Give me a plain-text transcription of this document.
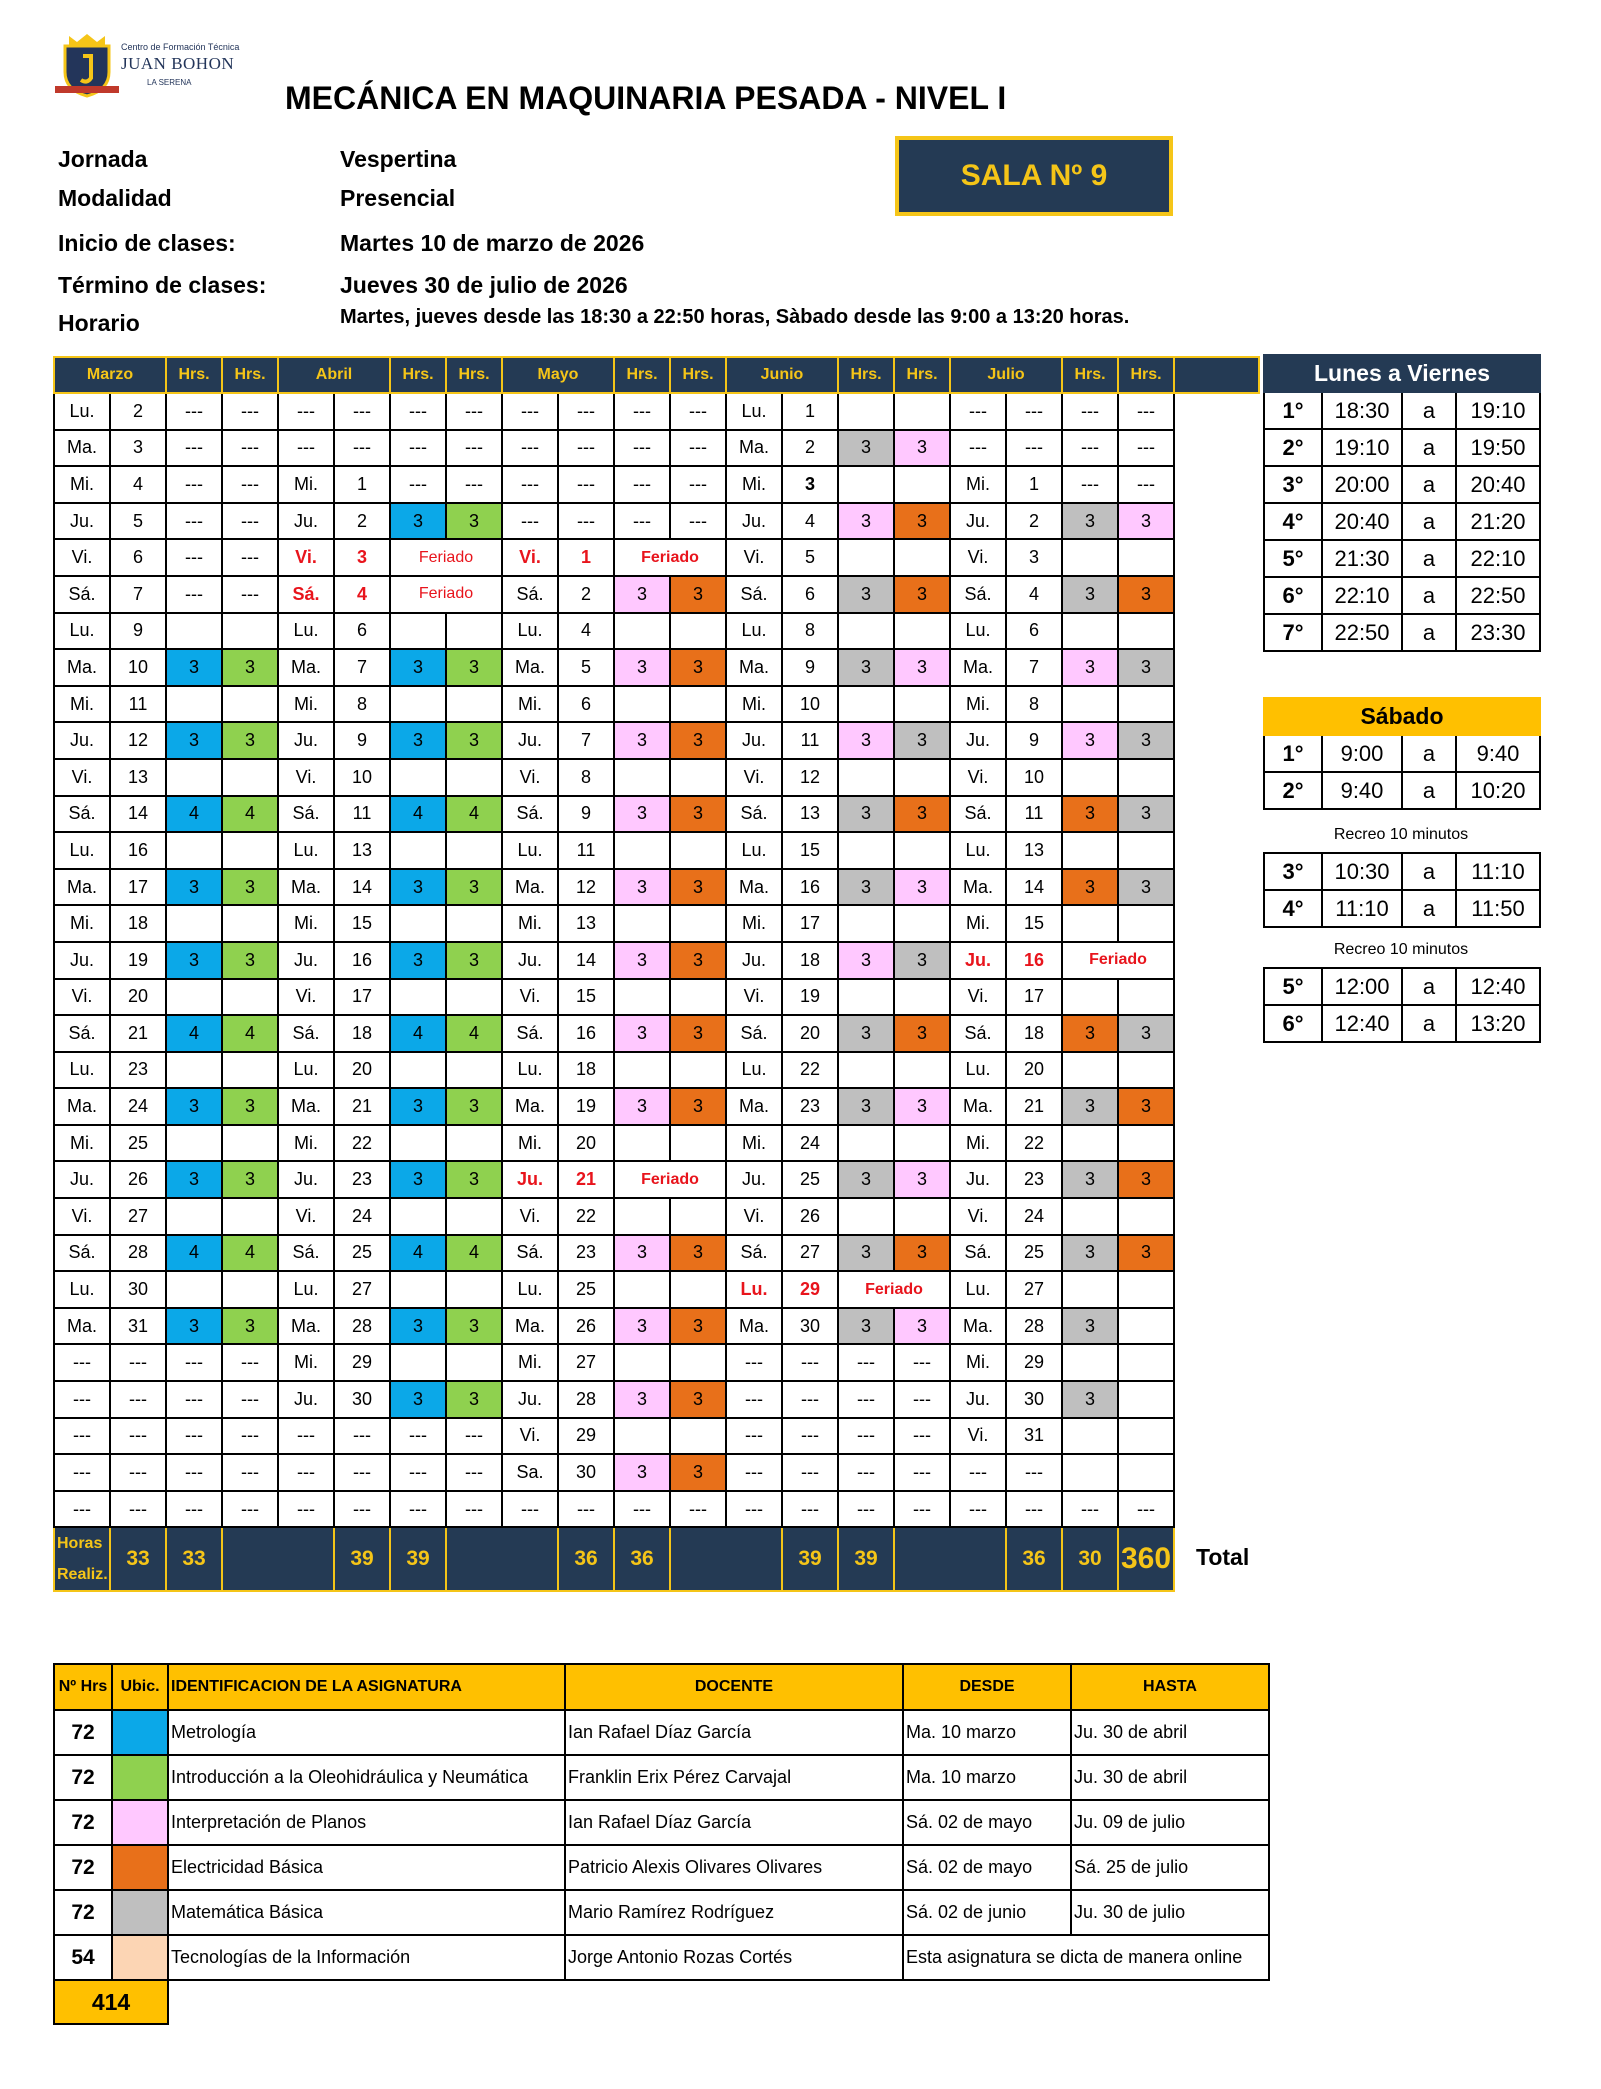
Centro de Formación Técnica
JUAN BOHON
LA SERENA	MECÁNICA EN MAQUINARIA PESADA - NIVEL I
Jornada	Vespertina
Modalidad	Presencial
Inicio de clases:	Martes 10 de marzo de 2026
Término de clases:	Jueves 30 de julio de 2026
Horario	Martes, jueves desde las 18:30 a 22:50 horas, Sàbado desde las 9:00 a 13:20 horas.
SALA Nº 9
Marzo		Hrs.	Hrs.	Abril		Hrs.	Hrs.	Mayo		Hrs.	Hrs.	Junio		Hrs.	Hrs.	Julio		Hrs.	Hrs.	
Lu.	2	---	---	---	---	---	---	---	---	---	---	Lu.	1			---	---	---	---	
Ma.	3	---	---	---	---	---	---	---	---	---	---	Ma.	2	3	3	---	---	---	---	
Mi.	4	---	---	Mi.	1	---	---	---	---	---	---	Mi.	3			Mi.	1	---	---	
Ju.	5	---	---	Ju.	2	3	3	---	---	---	---	Ju.	4	3	3	Ju.	2	3	3	
Vi.	6	---	---	Vi.	3	Feriado		Vi.	1	Feriado		Vi.	5			Vi.	3			
Sá.	7	---	---	Sá.	4	Feriado		Sá.	2	3	3	Sá.	6	3	3	Sá.	4	3	3	
Lu.	9			Lu.	6			Lu.	4			Lu.	8			Lu.	6			
Ma.	10	3	3	Ma.	7	3	3	Ma.	5	3	3	Ma.	9	3	3	Ma.	7	3	3	
Mi.	11			Mi.	8			Mi.	6			Mi.	10			Mi.	8			
Ju.	12	3	3	Ju.	9	3	3	Ju.	7	3	3	Ju.	11	3	3	Ju.	9	3	3	
Vi.	13			Vi.	10			Vi.	8			Vi.	12			Vi.	10			
Sá.	14	4	4	Sá.	11	4	4	Sá.	9	3	3	Sá.	13	3	3	Sá.	11	3	3	
Lu.	16			Lu.	13			Lu.	11			Lu.	15			Lu.	13			
Ma.	17	3	3	Ma.	14	3	3	Ma.	12	3	3	Ma.	16	3	3	Ma.	14	3	3	
Mi.	18			Mi.	15			Mi.	13			Mi.	17			Mi.	15			
Ju.	19	3	3	Ju.	16	3	3	Ju.	14	3	3	Ju.	18	3	3	Ju.	16	Feriado		
Vi.	20			Vi.	17			Vi.	15			Vi.	19			Vi.	17			
Sá.	21	4	4	Sá.	18	4	4	Sá.	16	3	3	Sá.	20	3	3	Sá.	18	3	3	
Lu.	23			Lu.	20			Lu.	18			Lu.	22			Lu.	20			
Ma.	24	3	3	Ma.	21	3	3	Ma.	19	3	3	Ma.	23	3	3	Ma.	21	3	3	
Mi.	25			Mi.	22			Mi.	20			Mi.	24			Mi.	22			
Ju.	26	3	3	Ju.	23	3	3	Ju.	21	Feriado		Ju.	25	3	3	Ju.	23	3	3	
Vi.	27			Vi.	24			Vi.	22			Vi.	26			Vi.	24			
Sá.	28	4	4	Sá.	25	4	4	Sá.	23	3	3	Sá.	27	3	3	Sá.	25	3	3	
Lu.	30			Lu.	27			Lu.	25			Lu.	29	Feriado		Lu.	27			
Ma.	31	3	3	Ma.	28	3	3	Ma.	26	3	3	Ma.	30	3	3	Ma.	28	3		
---	---	---	---	Mi.	29			Mi.	27			---	---	---	---	Mi.	29			
---	---	---	---	Ju.	30	3	3	Ju.	28	3	3	---	---	---	---	Ju.	30	3		
---	---	---	---	---	---	---	---	Vi.	29			---	---	---	---	Vi.	31			
---	---	---	---	---	---	---	---	Sa.	30	3	3	---	---	---	---	---	---			
---	---	---	---	---	---	---	---	---	---	---	---	---	---	---	---	---	---	---	---	

Horas
Realiz.	33	33			39	39			36	36			39	39			36	30	360	Total
Lunes a Viernes			
1°	18:30	a	19:10
2°	19:10	a	19:50
3°	20:00	a	20:40
4°	20:40	a	21:20
5°	21:30	a	22:10
6°	22:10	a	22:50
7°	22:50	a	23:30
Sábado			
1°	9:00	a	9:40
2°	9:40	a	10:20
Recreo 10 minutos
3°	10:30	a	11:10
4°	11:10	a	11:50
Recreo 10 minutos
5°	12:00	a	12:40
6°	12:40	a	13:20
Nº Hrs	Ubic.	IDENTIFICACION DE LA ASIGNATURA	DOCENTE	DESDE	HASTA
72		Metrología	Ian Rafael Díaz García	Ma. 10 marzo	Ju. 30 de abril
72		Introducción a la Oleohidráulica y Neumática	Franklin Erix Pérez Carvajal	Ma. 10 marzo	Ju. 30 de abril
72		Interpretación de Planos	Ian Rafael Díaz García	Sá. 02 de mayo	Ju. 09 de julio
72		Electricidad Básica	Patricio Alexis Olivares Olivares	Sá. 02 de mayo	Sá. 25 de julio
72		Matemática Básica	Mario Ramírez Rodríguez	Sá. 02 de junio	Ju. 30 de julio
54		Tecnologías de la Información	Jorge Antonio Rozas Cortés	Esta asignatura se dicta de manera online	
414					
